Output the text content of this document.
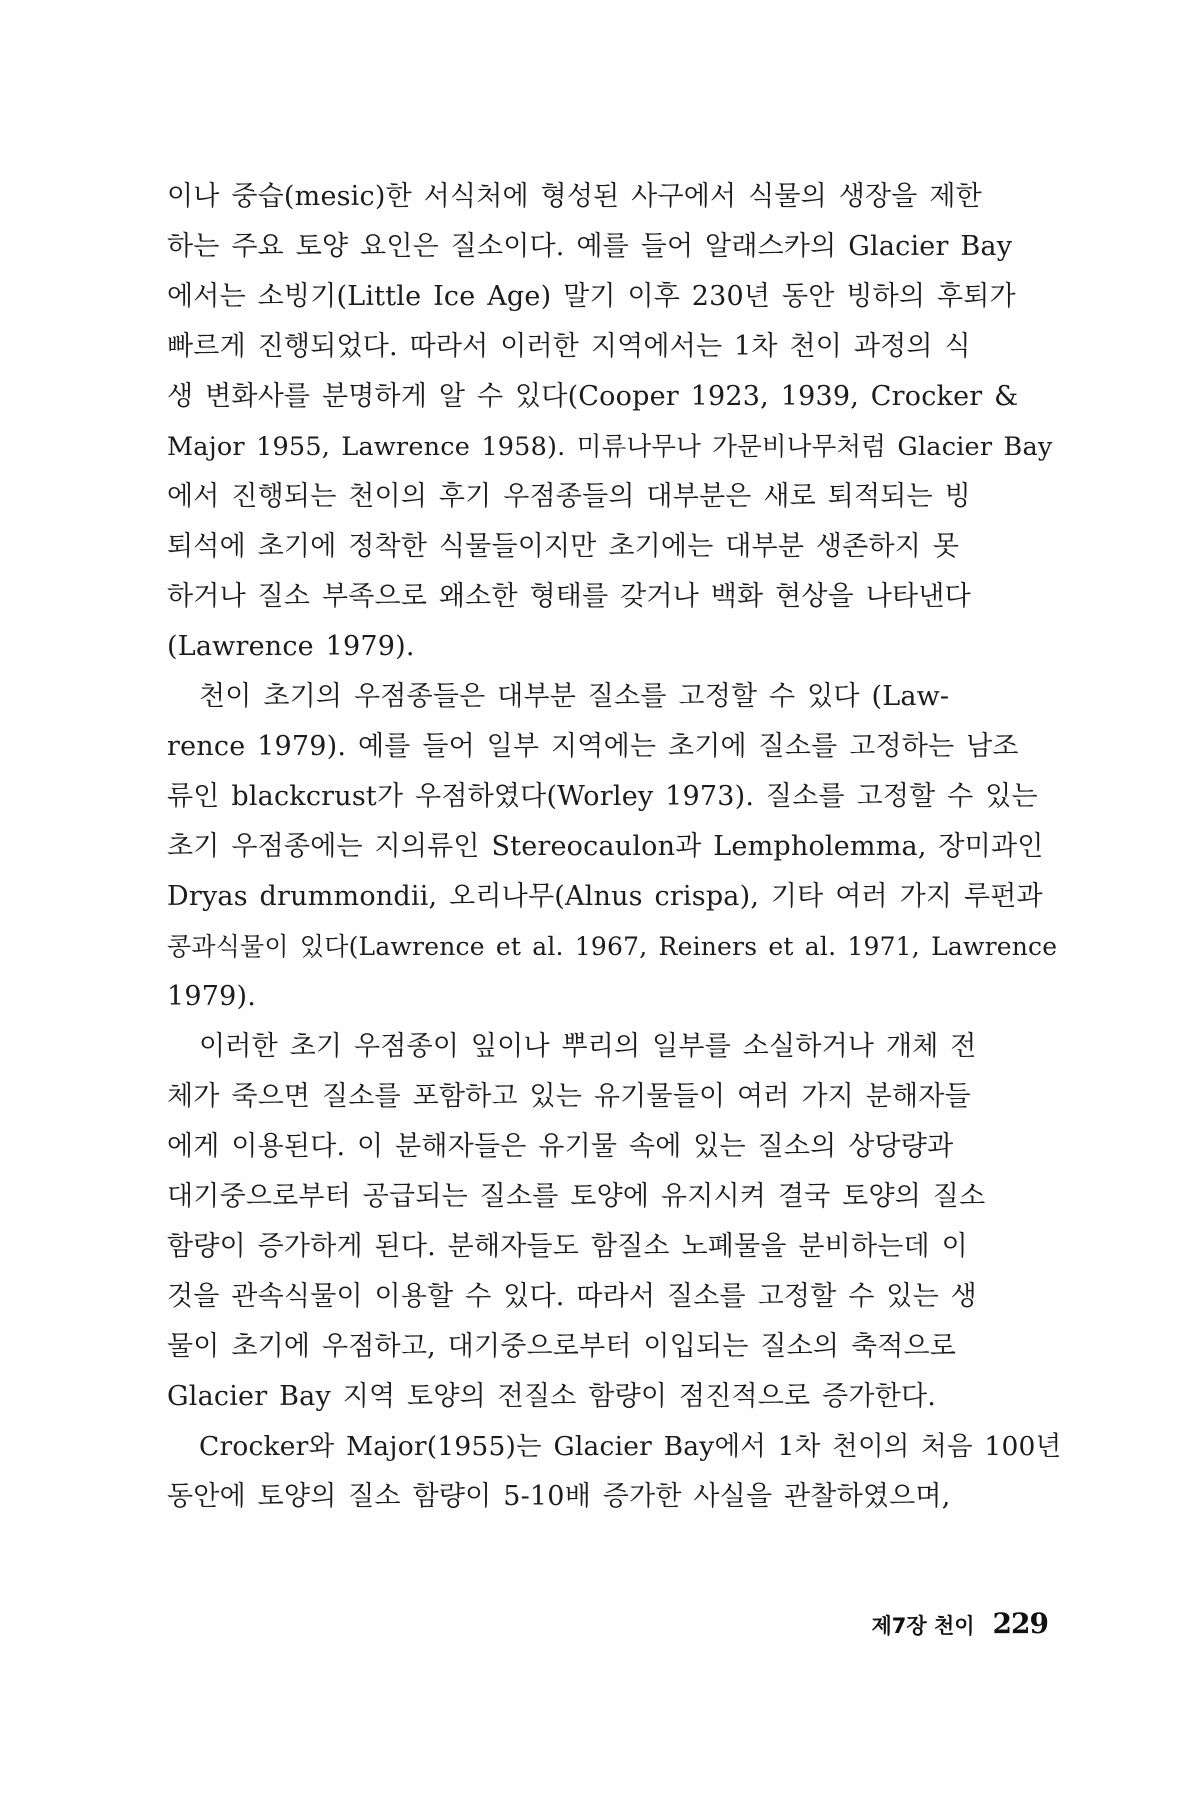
이나 중습(mesic)한 서식처에 형성된 사구에서 식물의 생장을 제한
하는 주요 토양 요인은 질소이다. 예를 들어 알래스카의 Glacier Bay
에서는 소빙기(Little Ice Age) 말기 이후 230년 동안 빙하의 후퇴가
빠르게 진행되었다. 따라서 이러한 지역에서는 1차 천이 과정의 식
생 변화사를 분명하게 알 수 있다(Cooper 1923, 1939, Crocker &
Major 1955, Lawrence 1958). 미류나무나 가문비나무처럼 Glacier Bay
에서 진행되는 천이의 후기 우점종들의 대부분은 새로 퇴적되는 빙
퇴석에 초기에 정착한 식물들이지만 초기에는 대부분 생존하지 못
하거나 질소 부족으로 왜소한 형태를 갖거나 백화 현상을 나타낸다
(Lawrence 1979).
천이 초기의 우점종들은 대부분 질소를 고정할 수 있다 (Law-
rence 1979). 예를 들어 일부 지역에는 초기에 질소를 고정하는 남조
류인 blackcrust가 우점하였다(Worley 1973). 질소를 고정할 수 있는
초기 우점종에는 지의류인 Stereocaulon과 Lempholemma, 장미과인
Dryas drummondii, 오리나무(Alnus crispa), 기타 여러 가지 루펀과
콩과식물이 있다(Lawrence et al. 1967, Reiners et al. 1971, Lawrence
1979).
이러한 초기 우점종이 잎이나 뿌리의 일부를 소실하거나 개체 전
체가 죽으면 질소를 포함하고 있는 유기물들이 여러 가지 분해자들
에게 이용된다. 이 분해자들은 유기물 속에 있는 질소의 상당량과
대기중으로부터 공급되는 질소를 토양에 유지시켜 결국 토양의 질소
함량이 증가하게 된다. 분해자들도 함질소 노폐물을 분비하는데 이
것을 관속식물이 이용할 수 있다. 따라서 질소를 고정할 수 있는 생
물이 초기에 우점하고, 대기중으로부터 이입되는 질소의 축적으로
Glacier Bay 지역 토양의 전질소 함량이 점진적으로 증가한다.
Crocker와 Major(1955)는 Glacier Bay에서 1차 천이의 처음 100년
동안에 토양의 질소 함량이 5-10배 증가한 사실을 관찰하였으며,
제7장 천이 229
